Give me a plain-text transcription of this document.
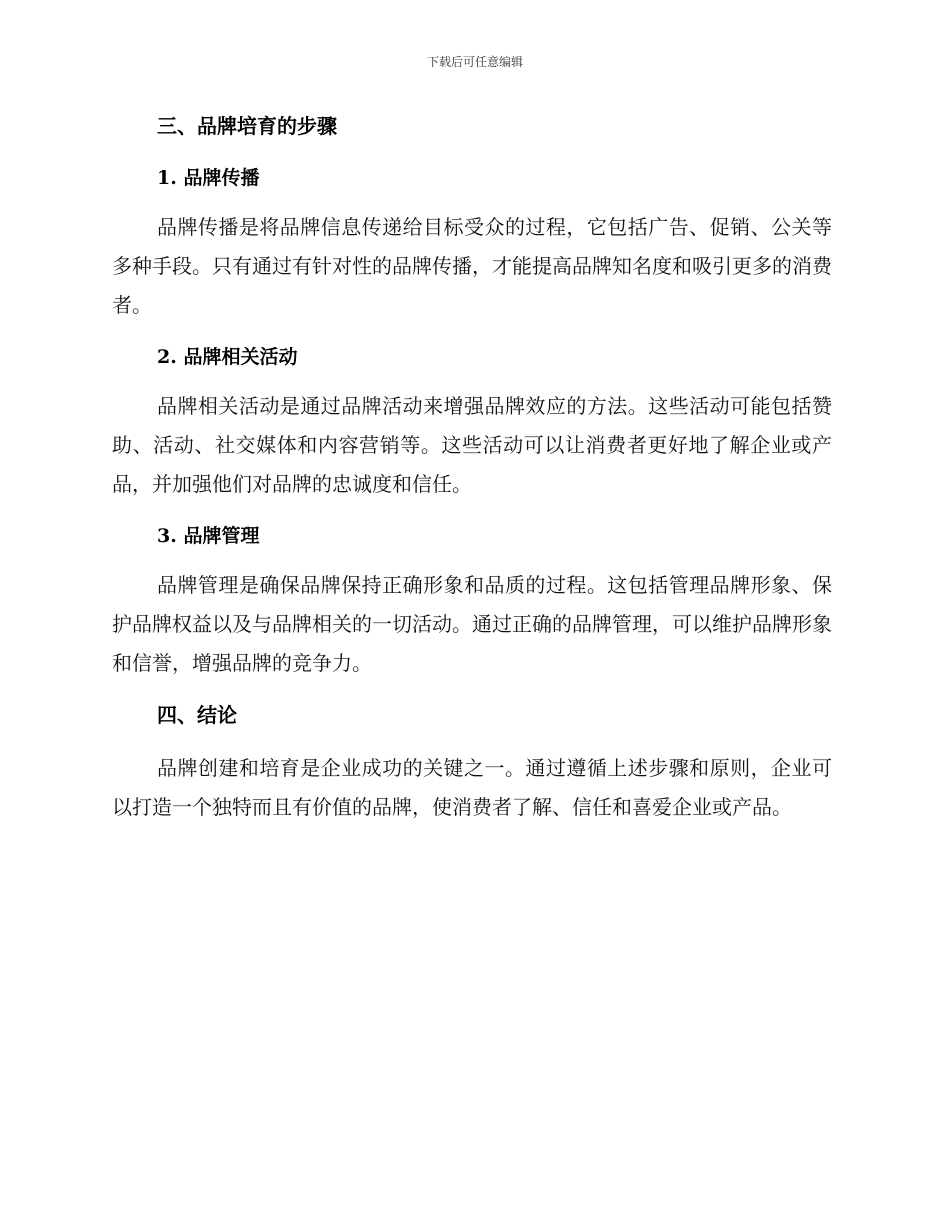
下载后可任意编辑
三、品牌培育的步骤
1. 品牌传播

品牌传播是将品牌信息传递给目标受众的过程，它包括广告、促销、公关等多种手段。只有通过有针对性的品牌传播，才能提高品牌知名度和吸引更多的消费者。

2. 品牌相关活动

品牌相关活动是通过品牌活动来增强品牌效应的方法。这些活动可能包括赞助、活动、社交媒体和内容营销等。这些活动可以让消费者更好地了解企业或产品，并加强他们对品牌的忠诚度和信任。

3. 品牌管理

品牌管理是确保品牌保持正确形象和品质的过程。这包括管理品牌形象、保护品牌权益以及与品牌相关的一切活动。通过正确的品牌管理，可以维护品牌形象和信誉，增强品牌的竞争力。

四、结论

品牌创建和培育是企业成功的关键之一。通过遵循上述步骤和原则，企业可以打造一个独特而且有价值的品牌，使消费者了解、信任和喜爱企业或产品。
